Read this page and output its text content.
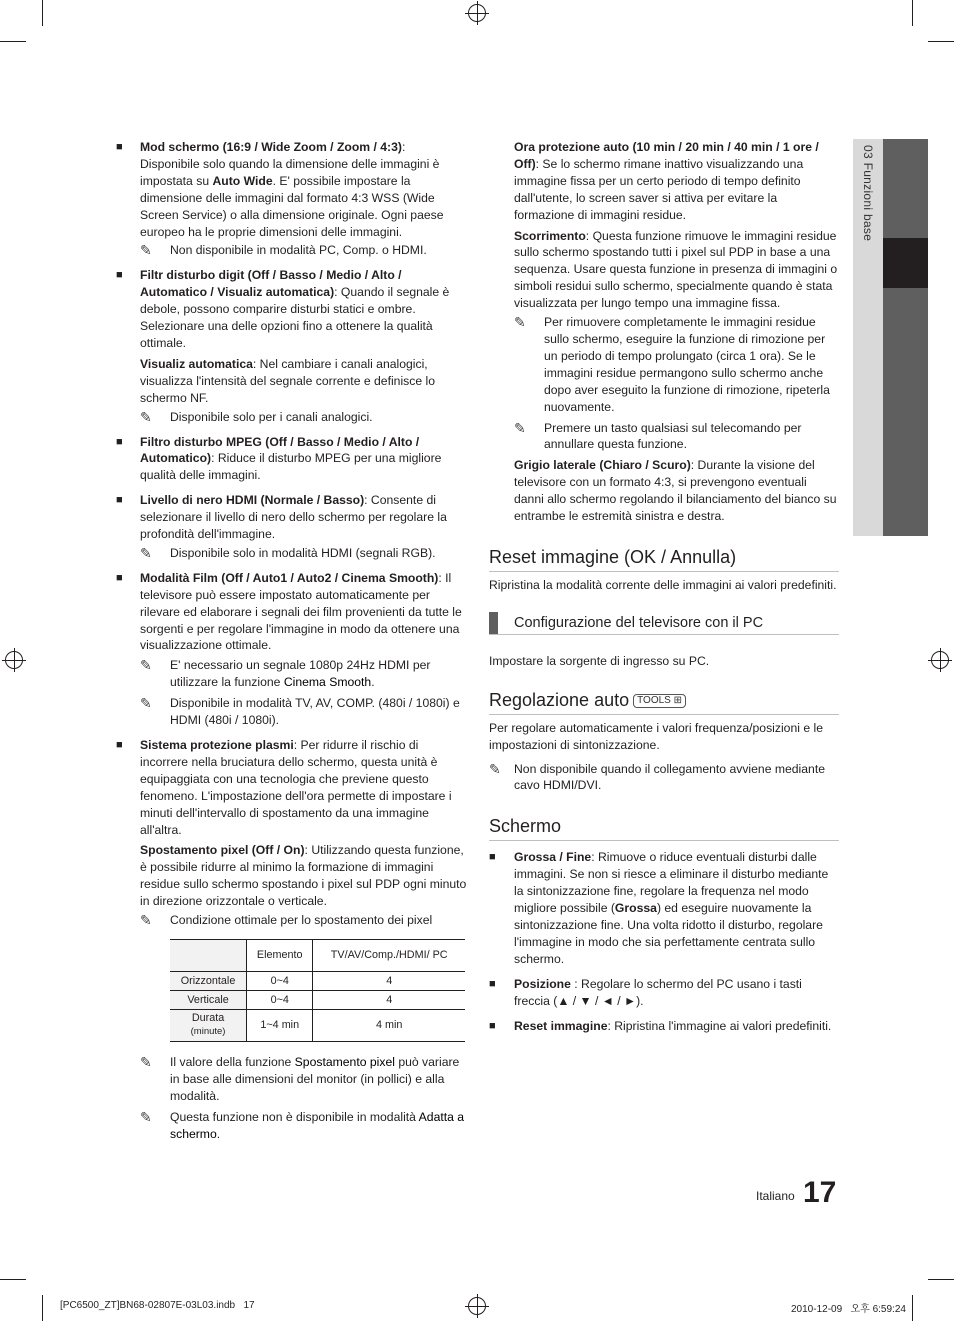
03 Funzioni base
■ Mod schermo (16:9 / Wide Zoom / Zoom / 4:3): Disponibile solo quando la dimensione delle immagini è impostata su Auto Wide. E' possibile impostare la dimensione delle immagini dal formato 4:3 WSS (Wide Screen Service) o alla dimensione originale. Ogni paese europeo ha le proprie dimensioni delle immagini.

✎ Non disponibile in modalità PC, Comp. o HDMI.
■ Filtr disturbo digit (Off / Basso / Medio / Alto / Automatico / Visualiz automatica): Quando il segnale è debole, possono comparire disturbi statici e ombre. Selezionare una delle opzioni fino a ottenere la qualità ottimale.

Visualiz automatica: Nel cambiare i canali analogici, visualizza l'intensità del segnale corrente e definisce lo schermo NF.

✎ Disponibile solo per i canali analogici.
■ Filtro disturbo MPEG (Off / Basso / Medio / Alto / Automatico): Riduce il disturbo MPEG per una migliore qualità delle immagini.

■ Livello di nero HDMI (Normale / Basso): Consente di selezionare il livello di nero dello schermo per regolare la profondità dell'immagine.

✎ Disponibile solo in modalità HDMI (segnali RGB).
■ Modalità Film (Off / Auto1 / Auto2 / Cinema Smooth): Il televisore può essere impostato automaticamente per rilevare ed elaborare i segnali dei film provenienti da tutte le sorgenti e per regolare l'immagine in modo da ottenere una visualizzazione ottimale.

✎ E' necessario un segnale 1080p 24Hz HDMI per utilizzare la funzione Cinema Smooth.
✎ Disponibile in modalità TV, AV, COMP. (480i / 1080i) e HDMI (480i / 1080i).
■ Sistema protezione plasmi: Per ridurre il rischio di incorrere nella bruciatura dello schermo, questa unità è equipaggiata con una tecnologia che previene questo fenomeno. L'impostazione dell'ora permette di impostare i minuti dell'intervallo di spostamento da una immagine all'altra.

Spostamento pixel (Off / On): Utilizzando questa funzione, è possibile ridurre al minimo la formazione di immagini residue sullo schermo spostando i pixel sul PDP ogni minuto in direzione orizzontale o verticale.

✎ Condizione ottimale per lo spostamento dei pixel
	Elemento	TV/AV/Comp./HDMI/ PC
Orizzontale	0~4	4
Verticale	0~4	4
Durata
(minute)	1~4 min	4 min
✎ Il valore della funzione Spostamento pixel può variare in base alle dimensioni del monitor (in pollici) e alla modalità.
✎ Questa funzione non è disponibile in modalità Adatta a schermo.

Ora protezione auto (10 min / 20 min / 40 min / 1 ore / Off): Se lo schermo rimane inattivo visualizzando una immagine fissa per un certo periodo di tempo definito dall'utente, lo screen saver si attiva per evitare la formazione di immagini residue.

Scorrimento: Questa funzione rimuove le immagini residue sullo schermo spostando tutti i pixel sul PDP in base a una sequenza. Usare questa funzione in presenza di immagini o simboli residui sullo schermo, specialmente quando è stata visualizzata per lungo tempo una immagine fissa.

✎ Per rimuovere completamente le immagini residue sullo schermo, eseguire la funzione di rimozione per un periodo di tempo prolungato (circa 1 ora). Se le immagini residue permangono sullo schermo anche dopo aver eseguito la funzione di rimozione, ripeterla nuovamente.
✎ Premere un tasto qualsiasi sul telecomando per annullare questa funzione.

Grigio laterale (Chiaro / Scuro): Durante la visione del televisore con un formato 4:3, si prevengono eventuali danni allo schermo regolando il bilanciamento del bianco su entrambe le estremità sinistra e destra.

Reset immagine (OK / Annulla)

Ripristina la modalità corrente delle immagini ai valori predefiniti.

Configurazione del televisore con il PC

Impostare la sorgente di ingresso su PC.

Regolazione auto TOOLS ⊞

Per regolare automaticamente i valori frequenza/posizioni e le impostazioni di sintonizzazione.

✎ Non disponibile quando il collegamento avviene mediante cavo HDMI/DVI.
Schermo
■ Grossa / Fine: Rimuove o riduce eventuali disturbi dalle immagini. Se non si riesce a eliminare il disturbo mediante la sintonizzazione fine, regolare la frequenza nel modo migliore possibile (Grossa) ed eseguire nuovamente la sintonizzazione fine. Una volta ridotto il disturbo, regolare l'immagine in modo che sia perfettamente centrata sullo schermo.

■ Posizione : Regolare lo schermo del PC usano i tasti freccia (▲ / ▼ / ◄ / ►).

■ Reset immagine: Ripristina l'immagine ai valori predefiniti.

Italiano 17
[PC6500_ZT]BN68-02807E-03L03.indb   17	2010-12-09   오후 6:59:24
